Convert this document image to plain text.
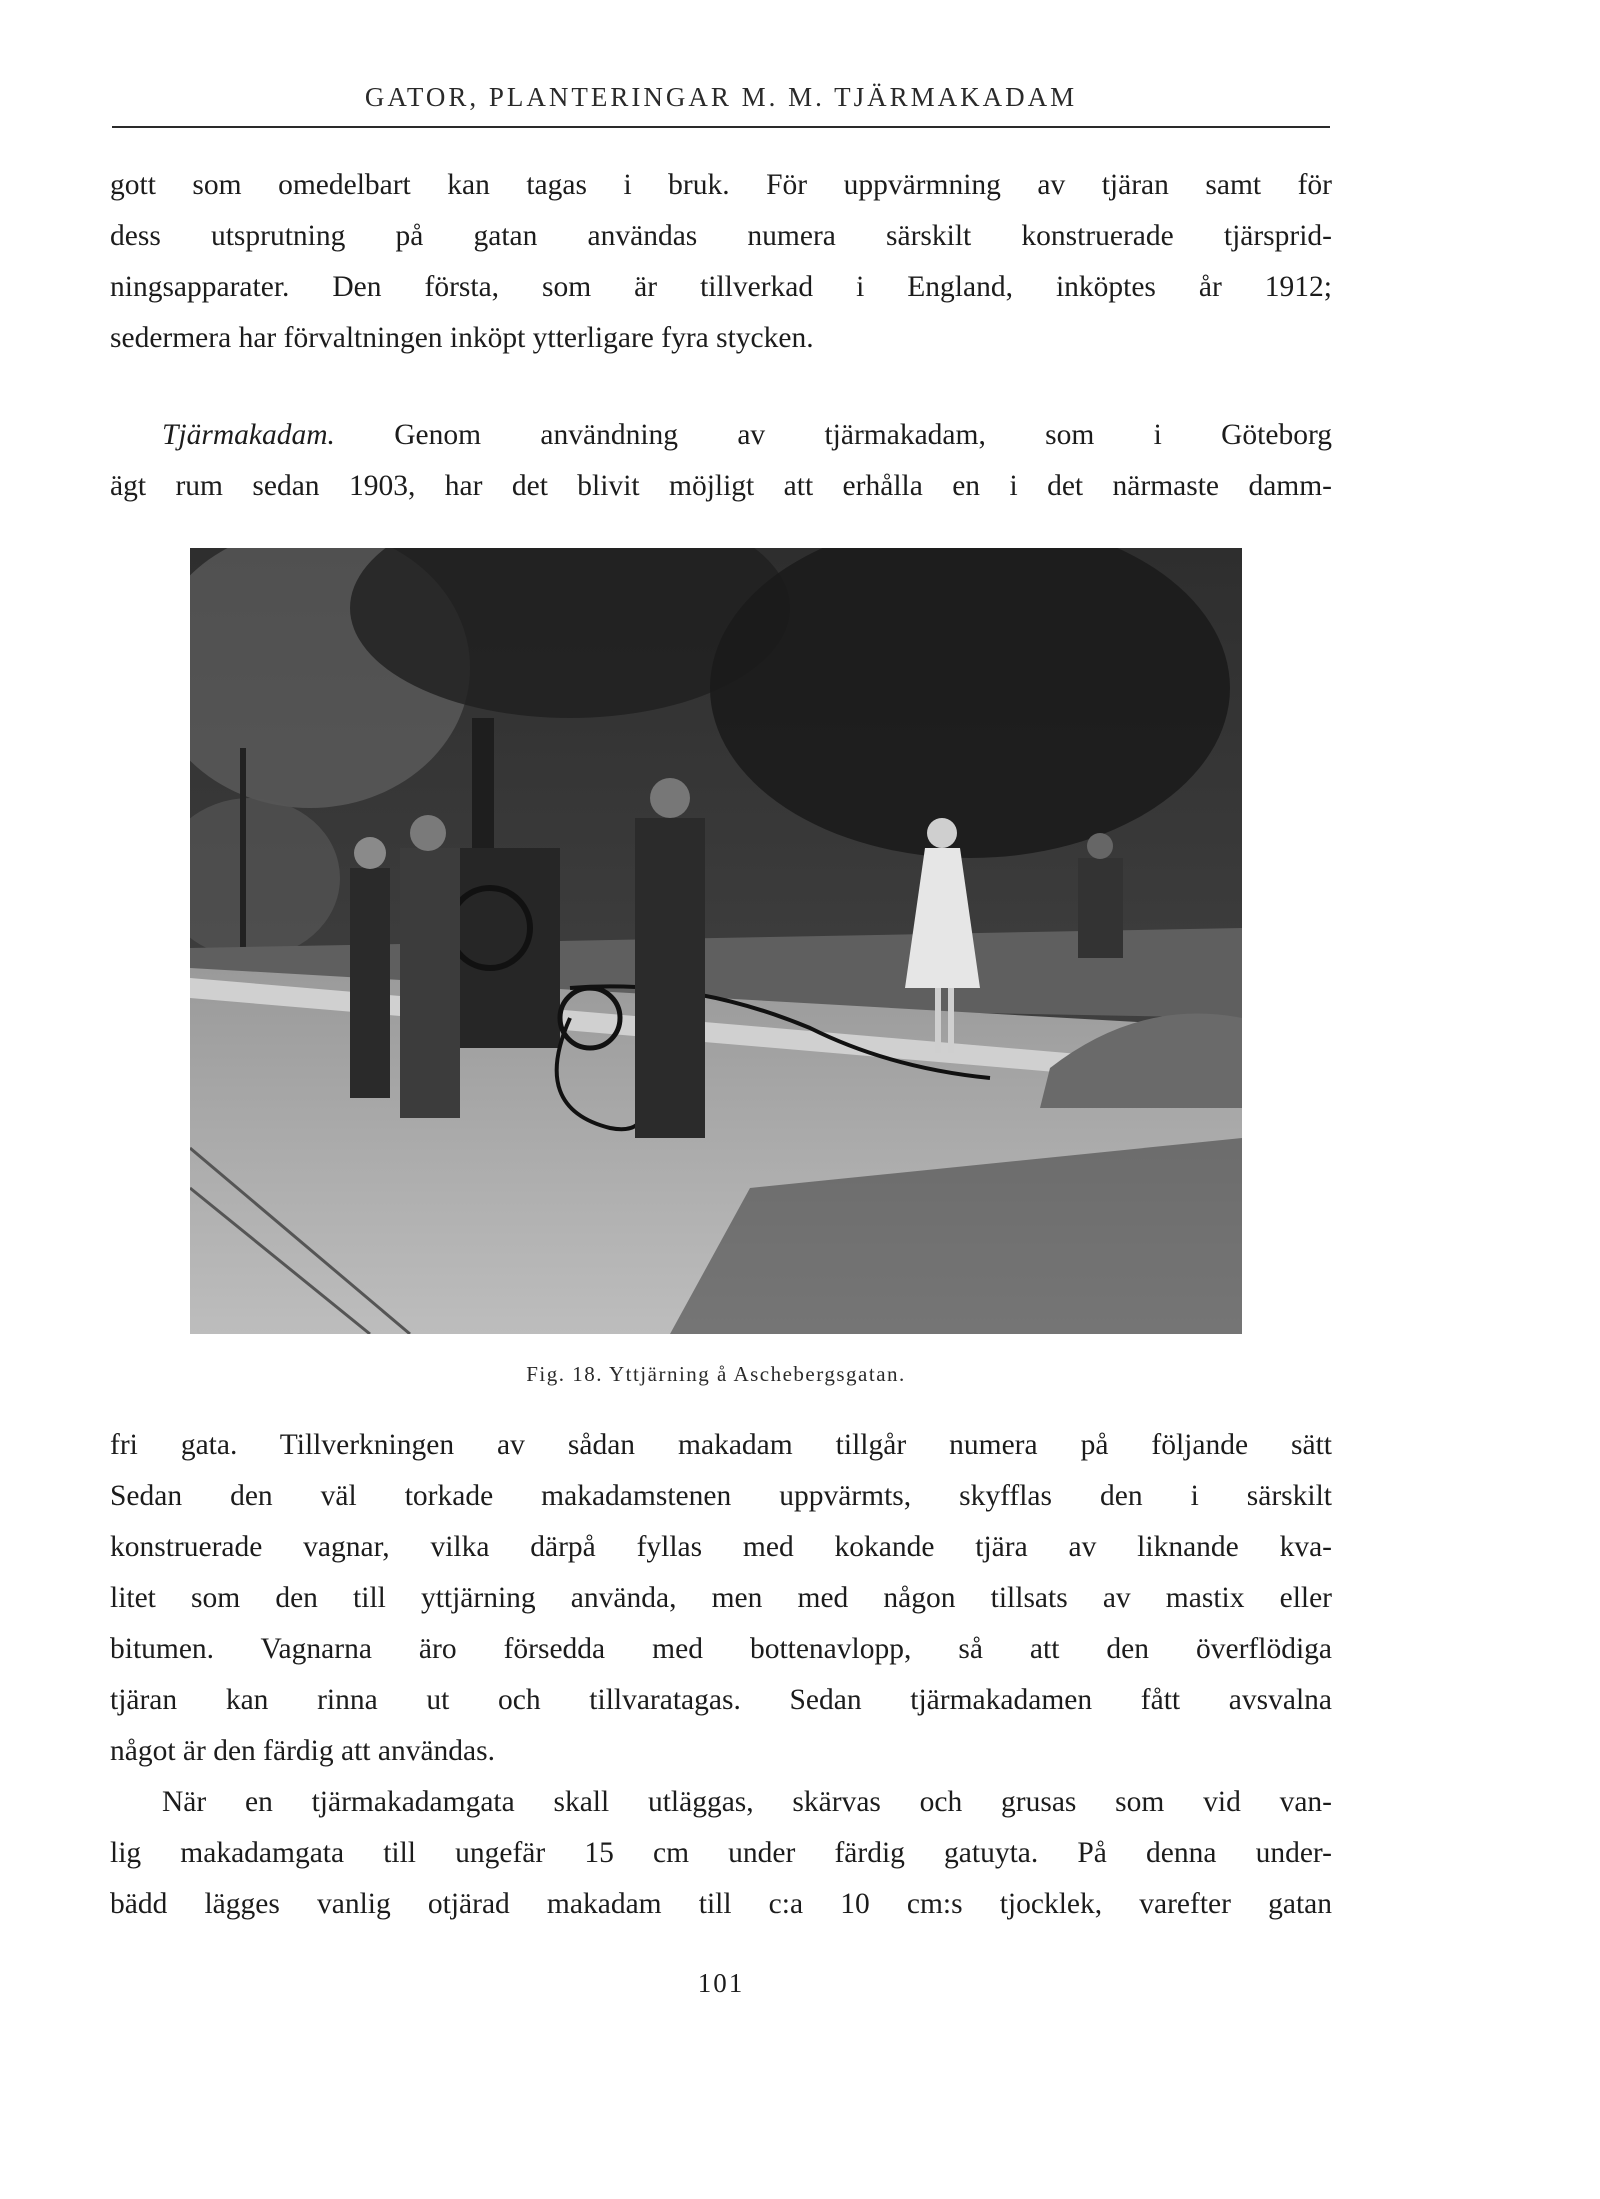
GATOR, PLANTERINGAR M. M. TJÄRMAKADAM
gott som omedelbart kan tagas i bruk. För uppvärmning av tjäran samt för
dess utsprutning på gatan användas numera särskilt konstruerade tjärsprid-
ningsapparater. Den första, som är tillverkad i England, inköptes år 1912;
sedermera har förvaltningen inköpt ytterligare fyra stycken.
Tjärmakadam. Genom användning av tjärmakadam, som i Göteborg
ägt rum sedan 1903, har det blivit möjligt att erhålla en i det närmaste damm-
Fig. 18. Yttjärning å Aschebergsgatan.
fri gata. Tillverkningen av sådan makadam tillgår numera på följande sätt
Sedan den väl torkade makadamstenen uppvärmts, skyfflas den i särskilt
konstruerade vagnar, vilka därpå fyllas med kokande tjära av liknande kva-
litet som den till yttjärning använda, men med någon tillsats av mastix eller
bitumen. Vagnarna äro försedda med bottenavlopp, så att den överflödiga
tjäran kan rinna ut och tillvaratagas. Sedan tjärmakadamen fått avsvalna
något är den färdig att användas.
När en tjärmakadamgata skall utläggas, skärvas och grusas som vid van-
lig makadamgata till ungefär 15 cm under färdig gatuyta. På denna under-
bädd lägges vanlig otjärad makadam till c:a 10 cm:s tjocklek, varefter gatan
101
